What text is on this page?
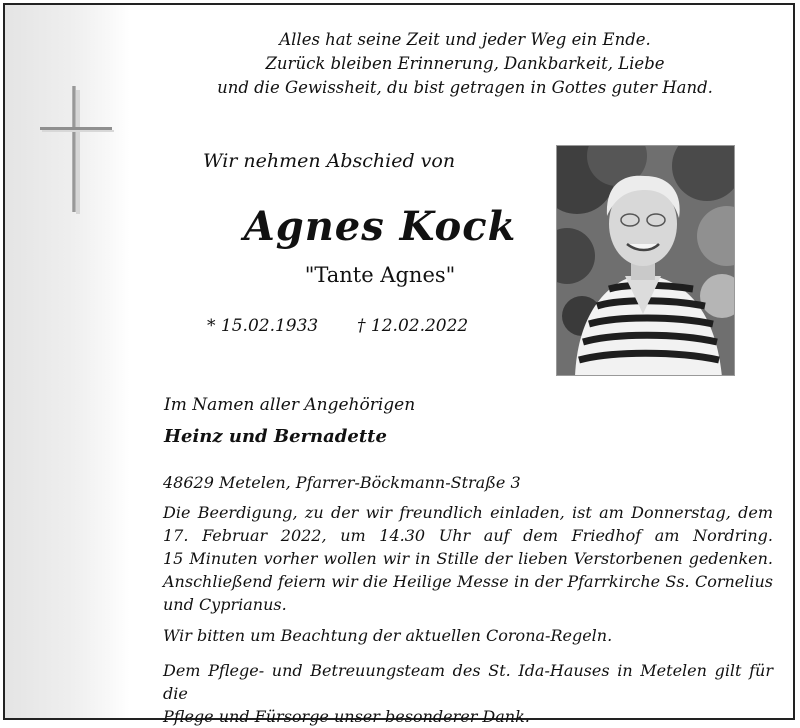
Alles hat seine Zeit und jeder Weg ein Ende.
Zurück bleiben Erinnerung, Dankbarkeit, Liebe
und die Gewissheit, du bist getragen in Gottes guter Hand.
Wir nehmen Abschied von
Agnes Kock
"Tante Agnes"
* 15.02.1933 † 12.02.2022
Im Namen aller Angehörigen
Heinz und Bernadette
48629 Metelen, Pfarrer-Böckmann-Straße 3
Die Beerdigung, zu der wir freundlich einladen, ist am Donnerstag, dem
17. Februar 2022, um 14.30 Uhr auf dem Friedhof am Nordring.
15 Minuten vorher wollen wir in Stille der lieben Verstorbenen gedenken.
Anschließend feiern wir die Heilige Messe in der Pfarrkirche Ss. Cornelius
und Cyprianus.
Wir bitten um Beachtung der aktuellen Corona-Regeln.
Dem Pflege- und Betreuungsteam des St. Ida-Hauses in Metelen gilt für die
Pflege und Fürsorge unser besonderer Dank.
